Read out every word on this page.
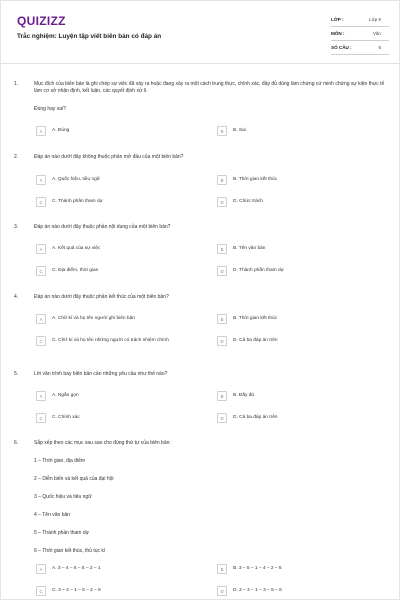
QUIZIZZ
Trắc nghiệm: Luyện tập viết biên bản có đáp án
LỚP :	Lớp 9
MÔN :	Văn
SỐ CÂU :	6
1.	Mục đích của biên bản là ghi chép sự việc đã xảy ra hoặc đang xảy ra một cách trung thực, chính xác, đầy đủ dùng làm chứng cứ minh chứng sự kiện thực tế làm cơ sở nhận định, kết luận, các quyết định xử lí.
Đúng hay sai?
A	A. Đúng	B	B. Sai
2.	Đáp án nào dưới đây không thuộc phần mở đầu của một biên bản?
A	A. Quốc hiệu, tiêu ngữ	B	B. Thời gian kết thúc
C	C. Thành phần tham dự	D	D. Chức trách
3.	Đáp án nào dưới đây thuộc phần nội dung của một biên bản?
A	A. Kết quả của sự việc	B	B. Tên văn bản
C	C. Địa điểm, thời gian	D	D. Thành phần tham dự
4.	Đáp án nào dưới đây thuộc phần kết thúc của một biên bản?
A	A. Chữ kí và họ tên người ghi biên bản	B	B. Thời gian kết thúc
C	C. Chữ kí và họ tên những người có trách nhiệm chính	D	D. Cả ba đáp án trên
5.	Lời văn trình bày biên bản cần những yêu cầu như thế nào?
A	A. Ngắn gọn	B	B. Đầy đủ
C	C. Chính xác	D	D. Cả ba đáp án trên
6.	Sắp xếp theo các mục sau sao cho đúng thứ tự của biên bản:
1 – Thời gian, địa điểm
2 – Diễn biến và kết quả của đại hội
3 – Quốc hiệu và tiêu ngữ
4 – Tên văn bản
5 – Thành phần tham dự
6 – Thời gian kết thúc, thủ tục kí
A	A. 3 – 4 – 6 – 5 – 2 – 1	B	B. 3 – 5 – 1 – 4 – 2 – 6
C	C. 3 – 4 – 1 – 5 – 2 – 6	D	D. 2 – 4 – 1 – 3 – 5 – 6
